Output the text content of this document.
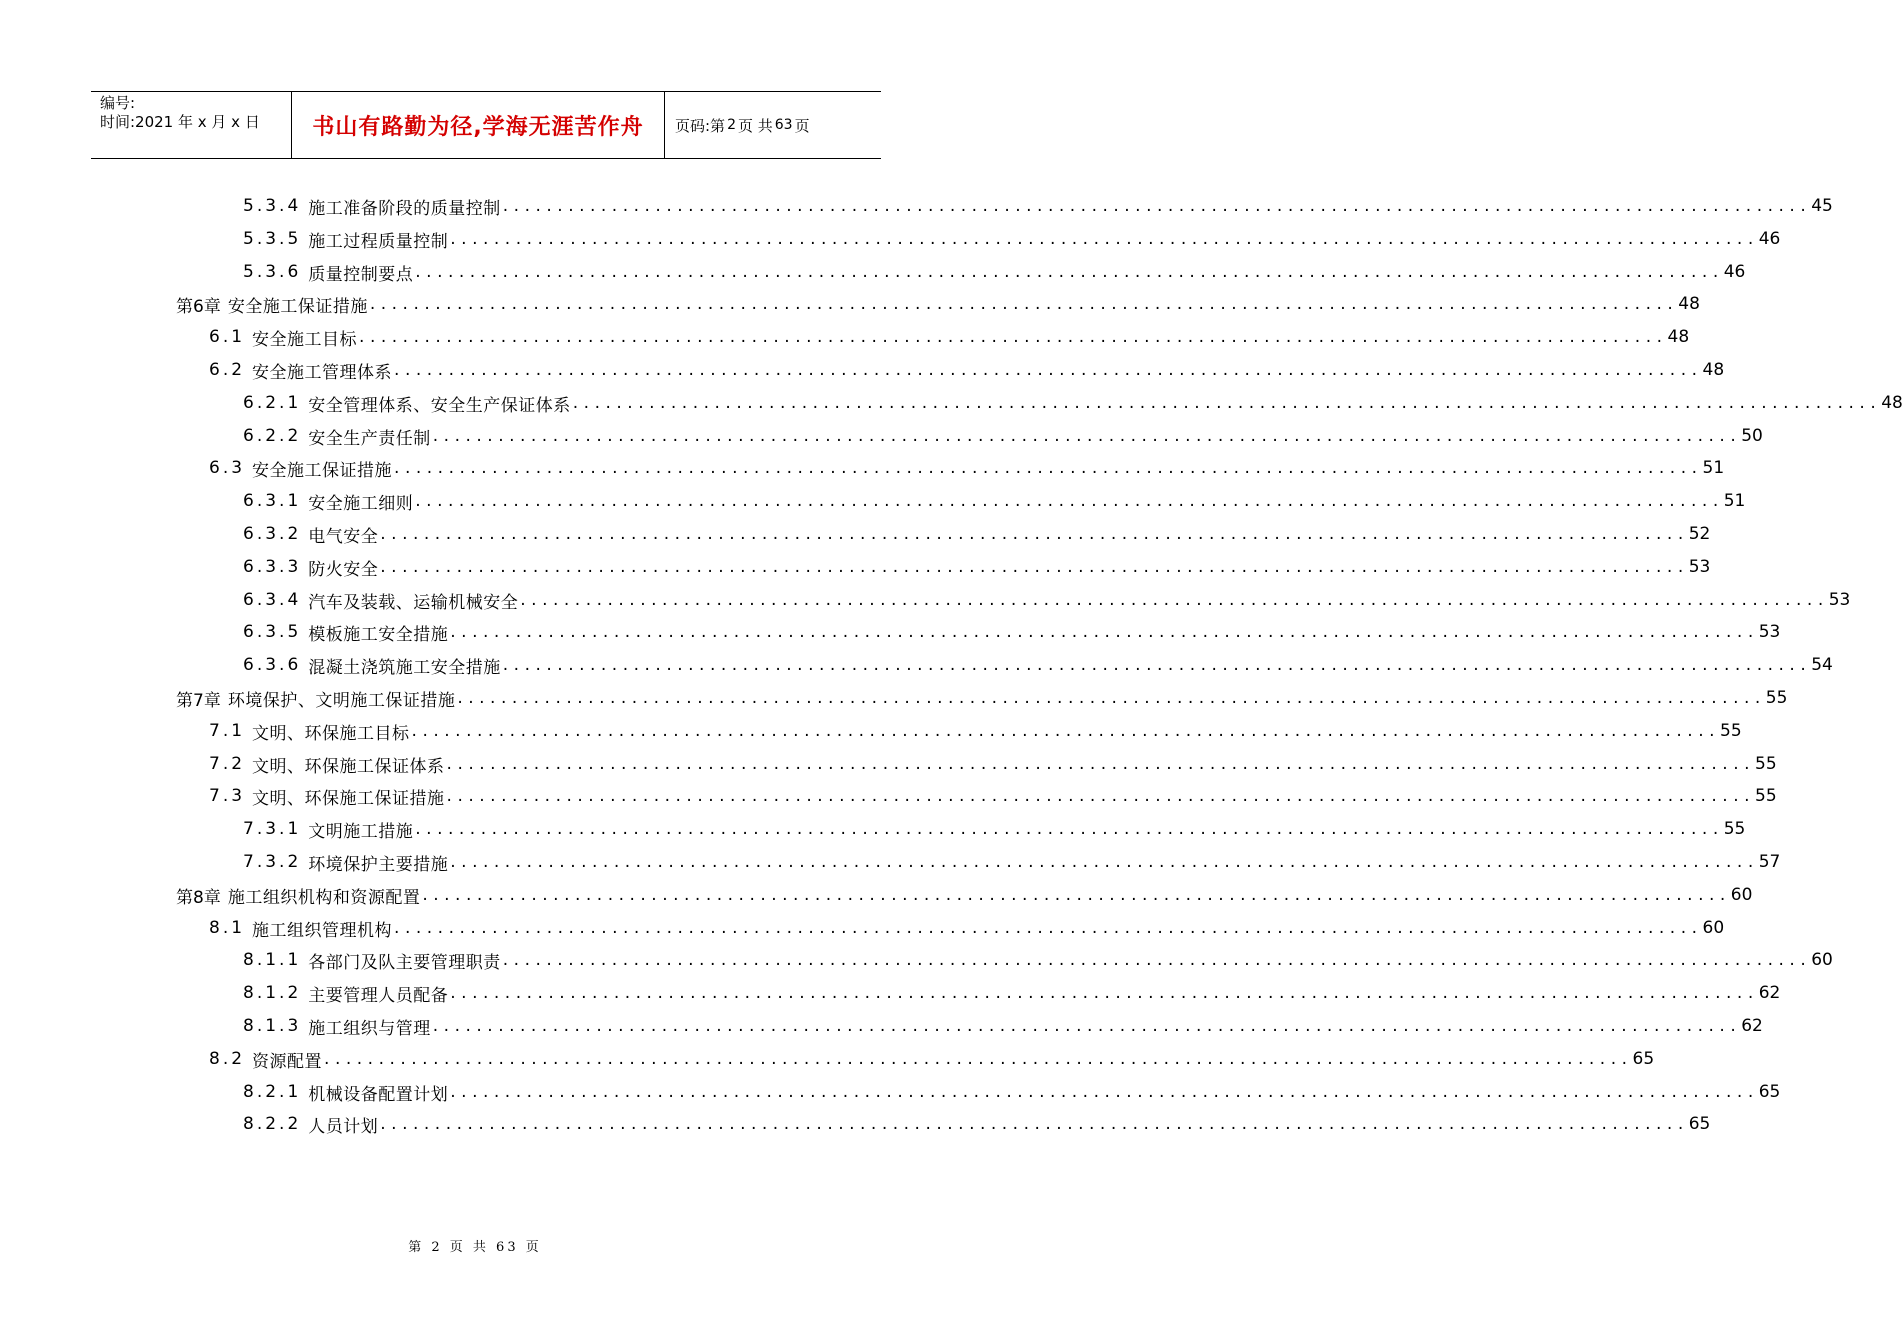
编号:
时间:2021 年 x 月 x 日	书山有路勤为径,学海无涯苦作舟	页码:第 2 页 共 63 页
5.3.4 施工准备阶段的质量控制 ........................................................................................................................ 45
5.3.5 施工过程质量控制 ........................................................................................................................ 46
5.3.6 质量控制要点 ........................................................................................................................ 46
第6章 安全施工保证措施 ........................................................................................................................ 48
6.1 安全施工目标 ........................................................................................................................ 48
6.2 安全施工管理体系 ........................................................................................................................ 48
6.2.1 安全管理体系、安全生产保证体系 ........................................................................................................................ 48
6.2.2 安全生产责任制 ........................................................................................................................ 50
6.3 安全施工保证措施 ........................................................................................................................ 51
6.3.1 安全施工细则 ........................................................................................................................ 51
6.3.2 电气安全 ........................................................................................................................ 52
6.3.3 防火安全 ........................................................................................................................ 53
6.3.4 汽车及装载、运输机械安全 ........................................................................................................................ 53
6.3.5 模板施工安全措施 ........................................................................................................................ 53
6.3.6 混凝土浇筑施工安全措施 ........................................................................................................................ 54
第7章 环境保护、文明施工保证措施 ........................................................................................................................ 55
7.1 文明、环保施工目标 ........................................................................................................................ 55
7.2 文明、环保施工保证体系 ........................................................................................................................ 55
7.3 文明、环保施工保证措施 ........................................................................................................................ 55
7.3.1 文明施工措施 ........................................................................................................................ 55
7.3.2 环境保护主要措施 ........................................................................................................................ 57
第8章 施工组织机构和资源配置 ........................................................................................................................ 60
8.1 施工组织管理机构 ........................................................................................................................ 60
8.1.1 各部门及队主要管理职责 ........................................................................................................................ 60
8.1.2 主要管理人员配备 ........................................................................................................................ 62
8.1.3 施工组织与管理 ........................................................................................................................ 62
8.2 资源配置 ........................................................................................................................ 65
8.2.1 机械设备配置计划 ........................................................................................................................ 65
8.2.2 人员计划 ........................................................................................................................ 65
第 2 页 共 63 页
